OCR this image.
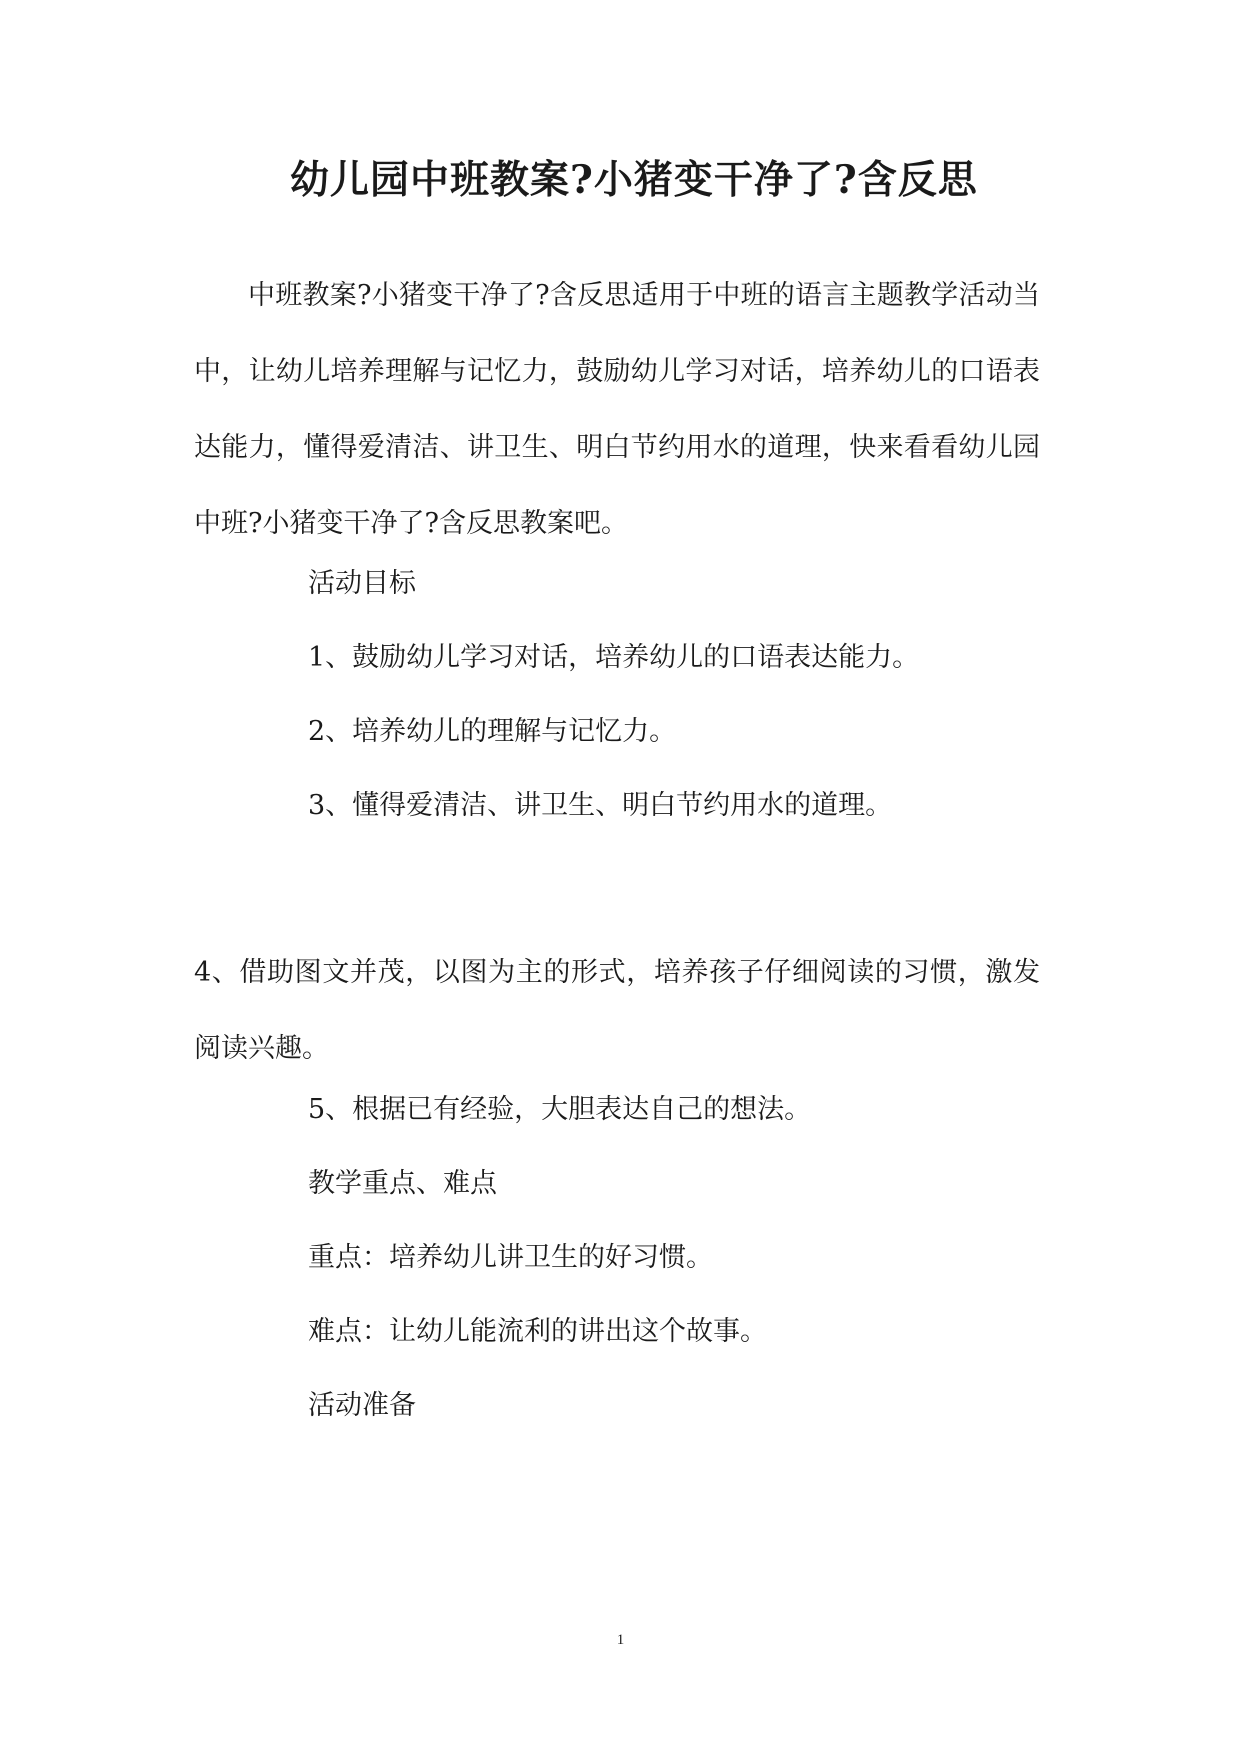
幼儿园中班教案?小猪变干净了?含反思

中班教案?小猪变干净了?含反思适用于中班的语言主题教学活动当中，让幼儿培养理解与记忆力，鼓励幼儿学习对话，培养幼儿的口语表达能力，懂得爱清洁、讲卫生、明白节约用水的道理，快来看看幼儿园中班?小猪变干净了?含反思教案吧。

活动目标

1、鼓励幼儿学习对话，培养幼儿的口语表达能力。

2、培养幼儿的理解与记忆力。

3、懂得爱清洁、讲卫生、明白节约用水的道理。

4、借助图文并茂，以图为主的形式，培养孩子仔细阅读的习惯，激发阅读兴趣。

5、根据已有经验，大胆表达自己的想法。

教学重点、难点

重点：培养幼儿讲卫生的好习惯。

难点：让幼儿能流利的讲出这个故事。

活动准备

1
